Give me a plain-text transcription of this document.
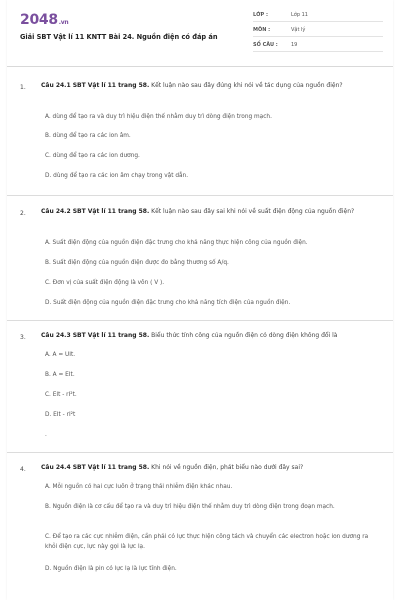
2048.vn
Giải SBT Vật lí 11 KNTT Bài 24. Nguồn điện có đáp án
LỚP :	Lớp 11
MÔN :	Vật lý
SỐ CÂU :	19
1.	Câu 24.1 SBT Vật lí 11 trang 58. Kết luận nào sau đây đúng khi nói về tác dụng của nguồn điện?
A. dùng để tạo ra và duy trì hiệu điện thế nhằm duy trì dòng điện trong mạch.
B. dùng để tạo ra các ion âm.
C. dùng để tạo ra các ion dương.
D. dùng để tạo ra các ion âm chạy trong vật dẫn.
2.	Câu 24.2 SBT Vật lí 11 trang 58. Kết luận nào sau đây sai khi nói về suất điện động của nguồn điện?
A. Suất điện động của nguồn điện đặc trưng cho khả năng thực hiện công của nguồn điện.
B. Suất điện động của nguồn điện được đo bằng thương số A/q.
C. Đơn vị của suất điện động là vôn ( V ).
D. Suất điện động của nguồn điện đặc trưng cho khả năng tích điện của nguồn điện.
3.	Câu 24.3 SBT Vật lí 11 trang 58. Biểu thức tính công của nguồn điện có dòng điện không đổi là
A. A = UIt.
B. A = EIt.
C. EIt - rI²t.
D. EIt - rI²t
.
4.	Câu 24.4 SBT Vật lí 11 trang 58. Khi nói về nguồn điện, phát biểu nào dưới đây sai?
A. Mỗi nguồn có hai cực luôn ở trạng thái nhiễm điện khác nhau.
B. Nguồn điện là cơ cấu để tạo ra và duy trì hiệu điện thế nhằm duy trì dòng điện trong đoạn mạch.
C. Để tạo ra các cực nhiễm điện, cần phải có lực thực hiện công tách và chuyển các electron hoặc ion dương ra khỏi điện cực, lực này gọi là lực lạ.
D. Nguồn điện là pin có lực lạ là lực tĩnh điện.
